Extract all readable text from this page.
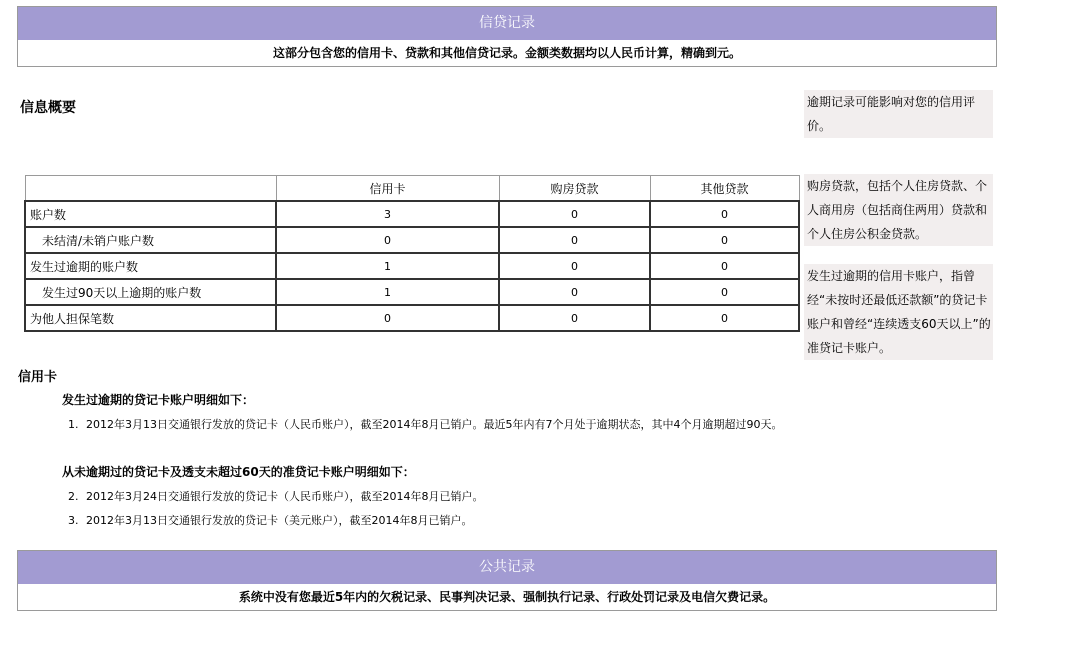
信贷记录
这部分包含您的信用卡、贷款和其他信贷记录。金额类数据均以人民币计算，精确到元。
信息概要	逾期记录可能影响对您的信用评价。
购房贷款，包括个人住房贷款、个人商用房（包括商住两用）贷款和个人住房公积金贷款。
发生过逾期的信用卡账户，指曾经“未按时还最低还款额”的贷记卡账户和曾经“连续透支60天以上”的准贷记卡账户。
	信用卡	购房贷款	其他贷款
账户数	3	0	0
未结清/未销户账户数	0	0	0
发生过逾期的账户数	1	0	0
发生过90天以上逾期的账户数	1	0	0
为他人担保笔数	0	0	0
信用卡
发生过逾期的贷记卡账户明细如下：
1. 2012年3月13日交通银行发放的贷记卡（人民币账户），截至2014年8月已销户。最近5年内有7个月处于逾期状态，其中4个月逾期超过90天。
从未逾期过的贷记卡及透支未超过60天的准贷记卡账户明细如下：
2. 2012年3月24日交通银行发放的贷记卡（人民币账户），截至2014年8月已销户。
3. 2012年3月13日交通银行发放的贷记卡（美元账户），截至2014年8月已销户。
公共记录
系统中没有您最近5年内的欠税记录、民事判决记录、强制执行记录、行政处罚记录及电信欠费记录。
